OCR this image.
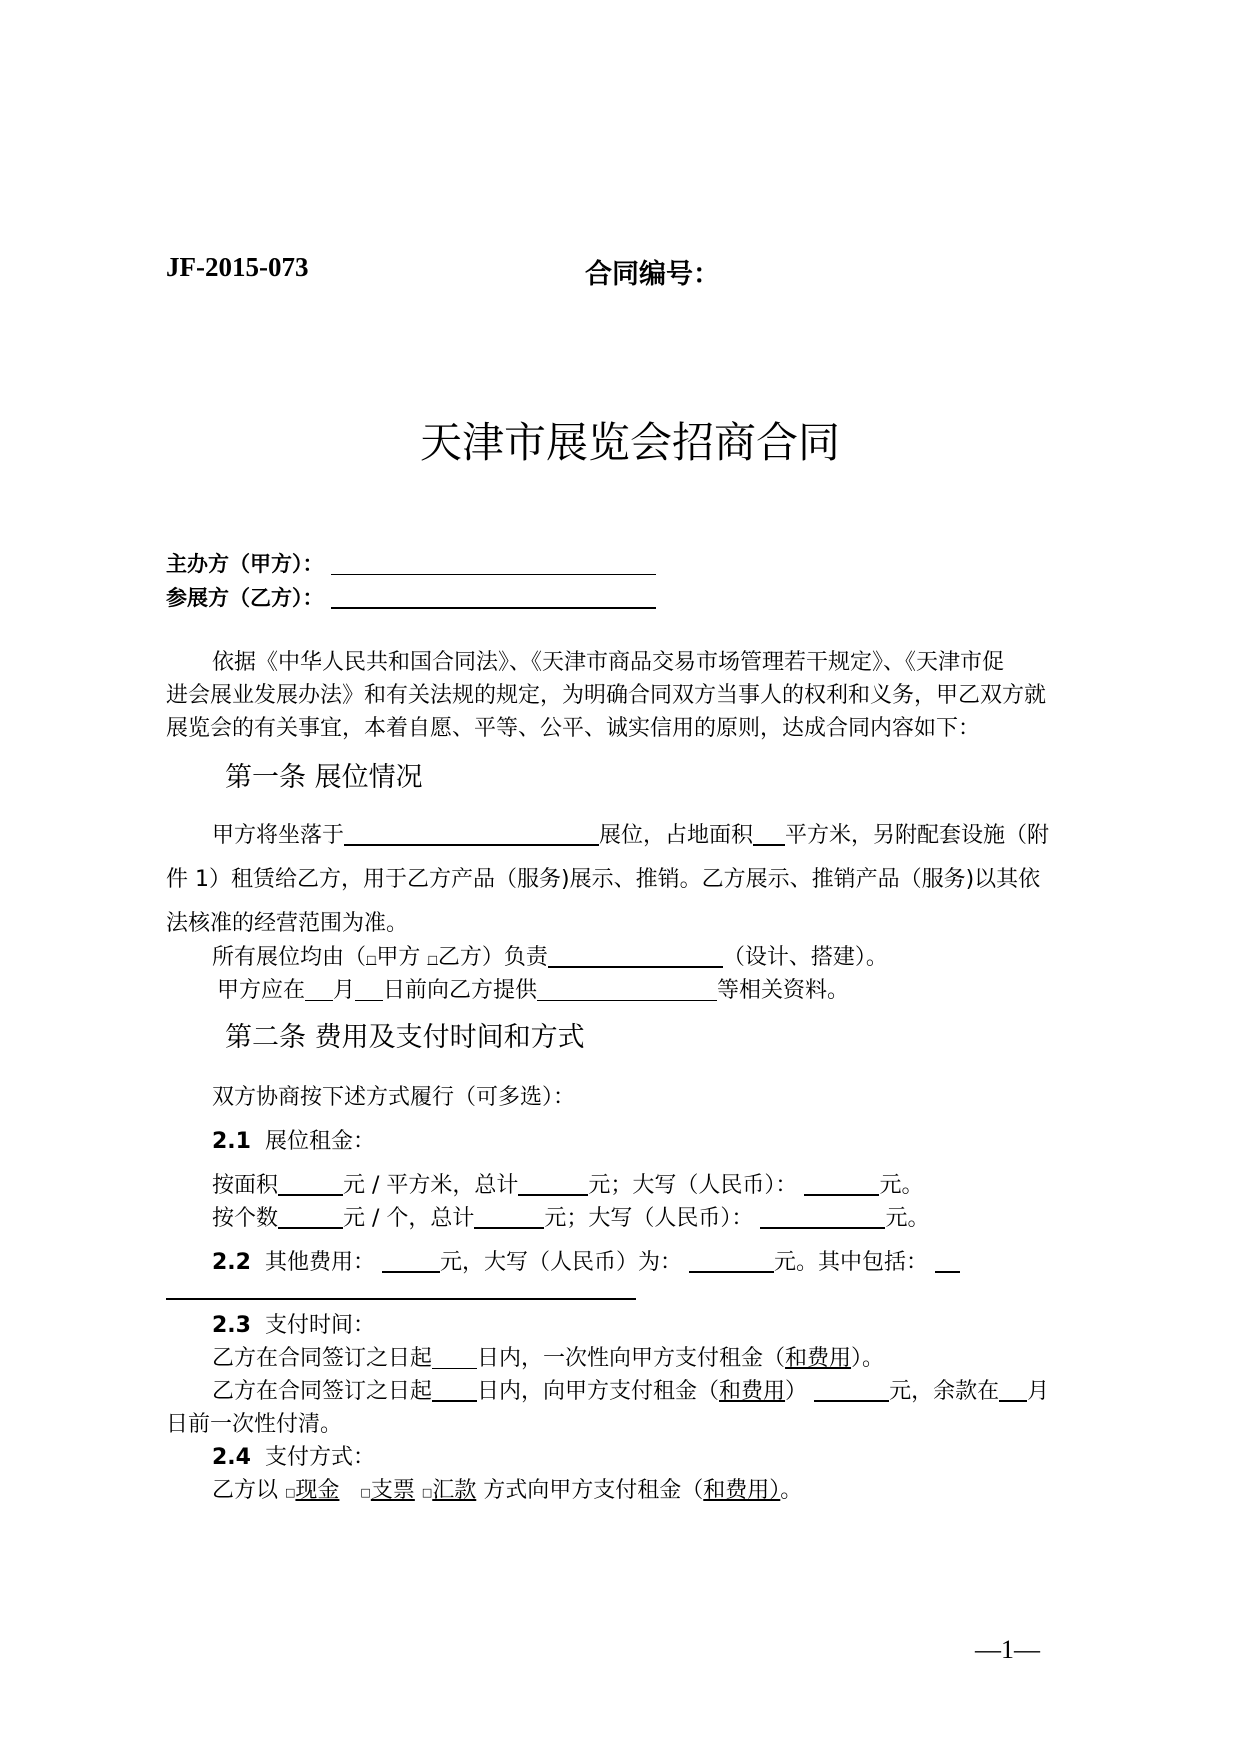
JF-2015-073	合同编号：
天津市展览会招商合同
主办方（甲方）：
参展方（乙方）：
依据《中华人民共和国合同法》、《天津市商品交易市场管理若干规定》、《天津市促
进会展业发展办法》和有关法规的规定，为明确合同双方当事人的权利和义务，甲乙双方就
展览会的有关事宜，本着自愿、平等、公平、诚实信用的原则，达成合同内容如下：
第一条 展位情况
甲方将坐落于	展位，占地面积 平方米，另附配套设施（附
件 1）租赁给乙方，用于乙方产品（服务)展示、推销。乙方展示、推销产品（服务)以其依
法核准的经营范围为准。
所有展位均由（□甲方 □乙方）负责	（设计、搭建）。
甲方应在 月 日前向乙方提供	等相关资料。
第二条 费用及支付时间和方式
双方协商按下述方式履行（可多选）：
2.1 展位租金：
按面积	元 / 平方米，总计	元；大写（人民币）：	元。
按个数	元 / 个，总计	元；大写（人民币）：	元。
2.2 其他费用：	元，大写（人民币）为：	元。其中包括：
2.3 支付时间：
乙方在合同签订之日起 日内，一次性向甲方支付租金（和费用）。
乙方在合同签订之日起 日内，向甲方支付租金（和费用）	元，余款在 月
日前一次性付清。
2.4 支付方式：
乙方以 □现金 □支票 □汇款 方式向甲方支付租金（和费用）。
—1—
